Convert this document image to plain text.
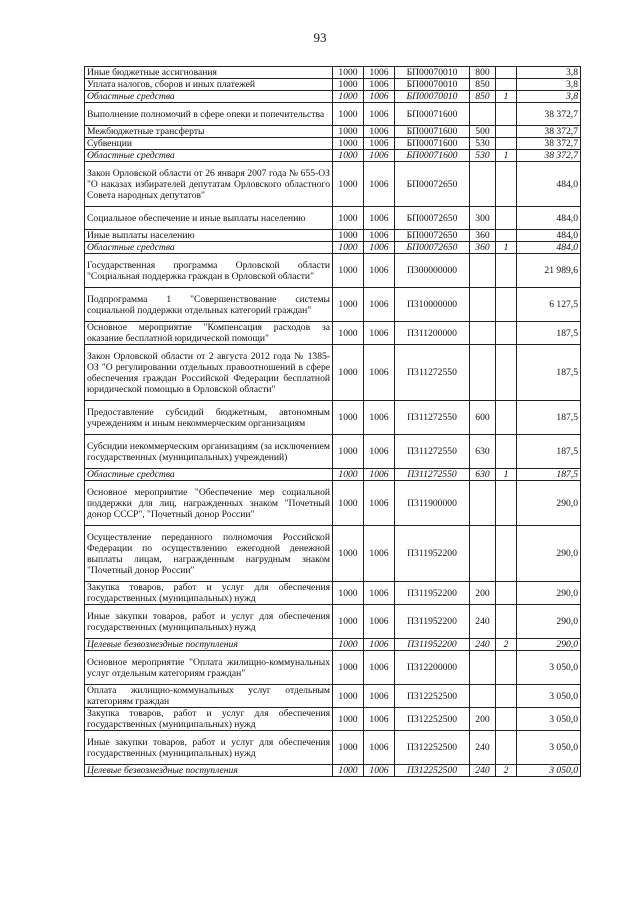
93
Иные бюджетные ассигнования	1000	1006	БП00070010	800		3,8
Уплата налогов, сборов и иных платежей	1000	1006	БП00070010	850		3,8
Областные средства	1000	1006	БП00070010	850	1	3,8
Выполнение полномочий в сфере опеки и попечительства	1000	1006	БП00071600			38 372,7
Межбюджетные трансферты	1000	1006	БП00071600	500		38 372,7
Субвенции	1000	1006	БП00071600	530		38 372,7
Областные средства	1000	1006	БП00071600	530	1	38 372,7
Закон Орловской области от 26 января 2007 года № 655-ОЗ "О наказах избирателей депутатам Орловского областного Совета народных депутатов"	1000	1006	БП00072650			484,0
Социальное обеспечение и иные выплаты населению	1000	1006	БП00072650	300		484,0
Иные выплаты населению	1000	1006	БП00072650	360		484,0
Областные средства	1000	1006	БП00072650	360	1	484,0
Государственная программа Орловской области "Социальная поддержка граждан в Орловской области"	1000	1006	П300000000			21 989,6
Подпрограмма 1 "Совершенствование системы социальной поддержки отдельных категорий граждан"	1000	1006	П310000000			6 127,5
Основное мероприятие "Компенсация расходов за оказание бесплатной юридической помощи"	1000	1006	П311200000			187,5
Закон Орловской области от 2 августа 2012 года № 1385-ОЗ "О регулировании отдельных правоотношений в сфере обеспечения граждан Российской Федерации бесплатной юридической помощью в Орловской области"	1000	1006	П311272550			187,5
Предоставление субсидий бюджетным, автономным учреждениям и иным некоммерческим организациям	1000	1006	П311272550	600		187,5
Субсидии некоммерческим организациям (за исключением государственных (муниципальных) учреждений)	1000	1006	П311272550	630		187,5
Областные средства	1000	1006	П311272550	630	1	187,5
Основное мероприятие "Обеспечение мер социальной поддержки для лиц, награжденных знаком "Почетный донор СССР", "Почетный донор России"	1000	1006	П311900000			290,0
Осуществление переданного полномочия Российской Федерации по осуществлению ежегодной денежной выплаты лицам, награжденным нагрудным знаком "Почетный донор России"	1000	1006	П311952200			290,0
Закупка товаров, работ и услуг для обеспечения государственных (муниципальных) нужд	1000	1006	П311952200	200		290,0
Иные закупки товаров, работ и услуг для обеспечения государственных (муниципальных) нужд	1000	1006	П311952200	240		290,0
Целевые безвозмездные поступления	1000	1006	П311952200	240	2	290,0
Основное мероприятие "Оплата жилищно-коммунальных услуг отдельным категориям граждан"	1000	1006	П312200000			3 050,0
Оплата жилищно-коммунальных услуг отдельным категориям граждан	1000	1006	П312252500			3 050,0
Закупка товаров, работ и услуг для обеспечения государственных (муниципальных) нужд	1000	1006	П312252500	200		3 050,0
Иные закупки товаров, работ и услуг для обеспечения государственных (муниципальных) нужд	1000	1006	П312252500	240		3 050,0
Целевые безвозмездные поступления	1000	1006	П312252500	240	2	3 050,0
